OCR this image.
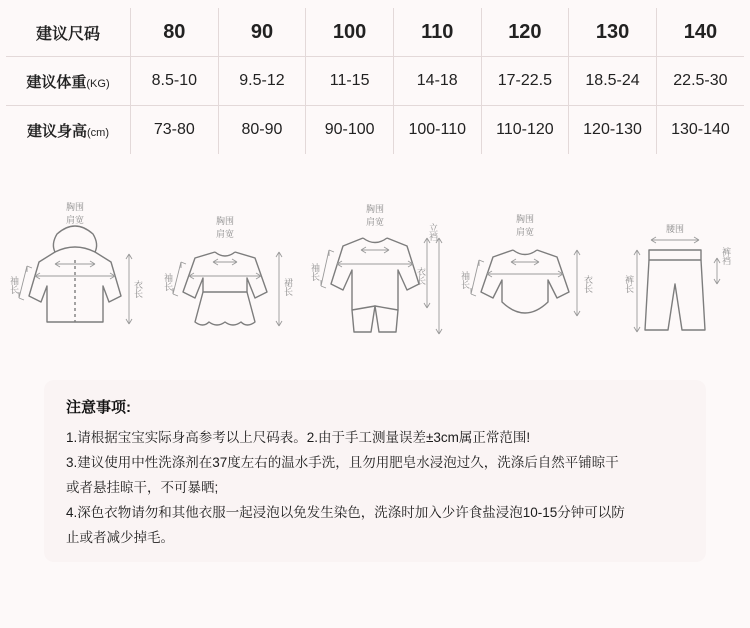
建议尺码	80	90	100	110	120	130	140
建议体重(KG)	8.5-10	9.5-12	11-15	14-18	17-22.5	18.5-24	22.5-30
建议身高(cm)	73-80	80-90	90-100	100-110	110-120	120-130	130-140
胸围
肩宽
袖长	衣长
胸围
肩宽
袖长	裙长
胸围
肩宽
袖长	衣长
立裆
胸围
肩宽
袖长	衣长
腰围
裤长
裤裆
注意事项:
1.请根据宝宝实际身高参考以上尺码表。2.由于手工测量误差±3cm属正常范围!
3.建议使用中性洗涤剂在37度左右的温水手洗，且勿用肥皂水浸泡过久，洗涤后自然平铺晾干
或者悬挂晾干，不可暴晒;
4.深色衣物请勿和其他衣服一起浸泡以免发生染色，洗涤时加入少许食盐浸泡10-15分钟可以防
止或者减少掉毛。
